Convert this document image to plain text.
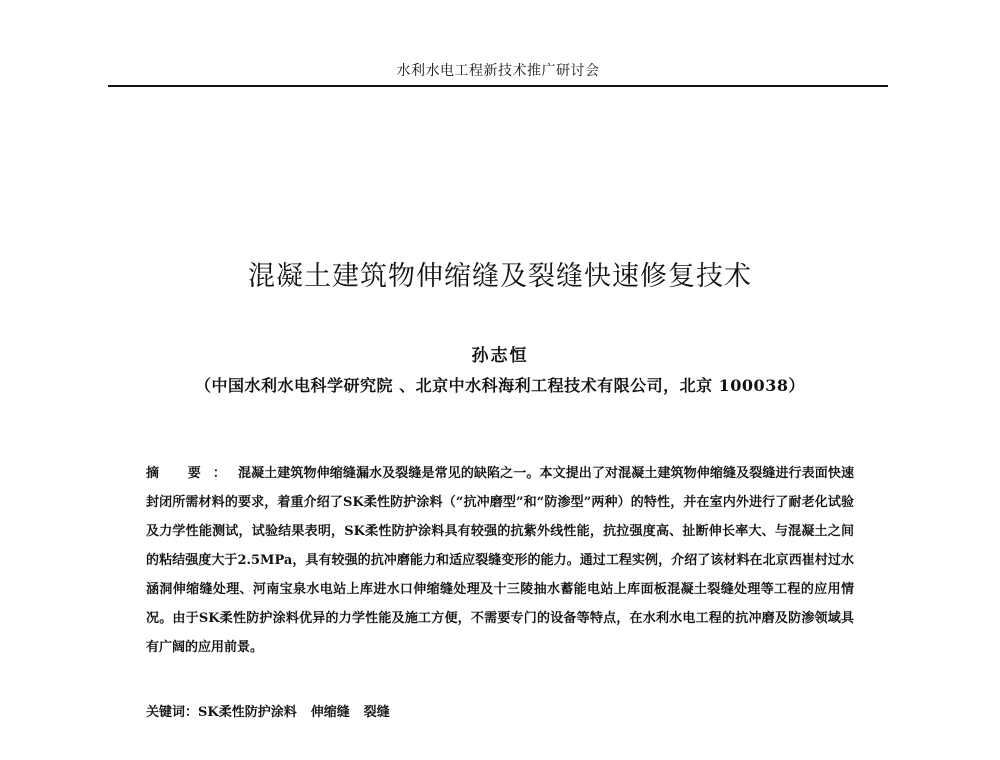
水利水电工程新技术推广研讨会
混凝土建筑物伸缩缝及裂缝快速修复技术
孙志恒
（中国水利水电科学研究院 、北京中水科海利工程技术有限公司，北京 100038）
摘 要：混凝土建筑物伸缩缝漏水及裂缝是常见的缺陷之一。本文提出了对混凝土建筑物伸缩缝及裂缝进行表面快速封闭所需材料的要求，着重介绍了SK柔性防护涂料（“抗冲磨型”和“防渗型”两种）的特性，并在室内外进行了耐老化试验及力学性能测试，试验结果表明，SK柔性防护涂料具有较强的抗紫外线性能，抗拉强度高、扯断伸长率大、与混凝土之间的粘结强度大于2.5MPa，具有较强的抗冲磨能力和适应裂缝变形的能力。通过工程实例，介绍了该材料在北京西崔村过水涵洞伸缩缝处理、河南宝泉水电站上库进水口伸缩缝处理及十三陵抽水蓄能电站上库面板混凝土裂缝处理等工程的应用情况。由于SK柔性防护涂料优异的力学性能及施工方便，不需要专门的设备等特点，在水利水电工程的抗冲磨及防渗领域具有广阔的应用前景。
关键词：SK柔性防护涂料 伸缩缝 裂缝
